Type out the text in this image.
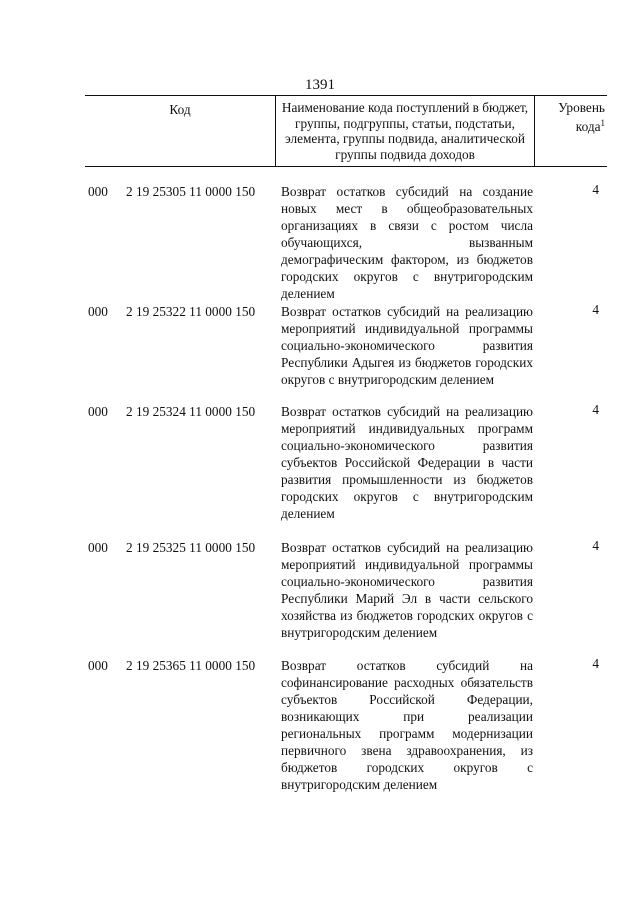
1391
Код	Наименование кода поступлений в бюджет, группы, подгруппы, статьи, подстатьи, элемента, группы подвида, аналитической группы подвида доходов
Уровень кода$^1$
000 2 19 25305 11 0000 150 Возврат остатков субсидий на создание новых мест в общеобразовательных организациях в связи с ростом числа обучающихся, вызванным демографическим фактором, из бюджетов городских округов с внутригородским делением
4
000 2 19 25322 11 0000 150 Возврат остатков субсидий на реализацию мероприятий индивидуальной программы социально-экономического развития Республики Адыгея из бюджетов городских округов с внутригородским делением
4
000 2 19 25324 11 0000 150 Возврат остатков субсидий на реализацию мероприятий индивидуальных программ социально-экономического развития субъектов Российской Федерации в части развития промышленности из бюджетов городских округов с внутригородским делением
4
000 2 19 25325 11 0000 150 Возврат остатков субсидий на реализацию мероприятий индивидуальной программы социально-экономического развития Республики Марий Эл в части сельского хозяйства из бюджетов городских округов с внутригородским делением
4
000 2 19 25365 11 0000 150 Возврат остатков субсидий на софинансирование расходных обязательств субъектов Российской Федерации, возникающих при реализации региональных программ модернизации первичного звена здравоохранения, из бюджетов городских округов с внутригородским делением
4
